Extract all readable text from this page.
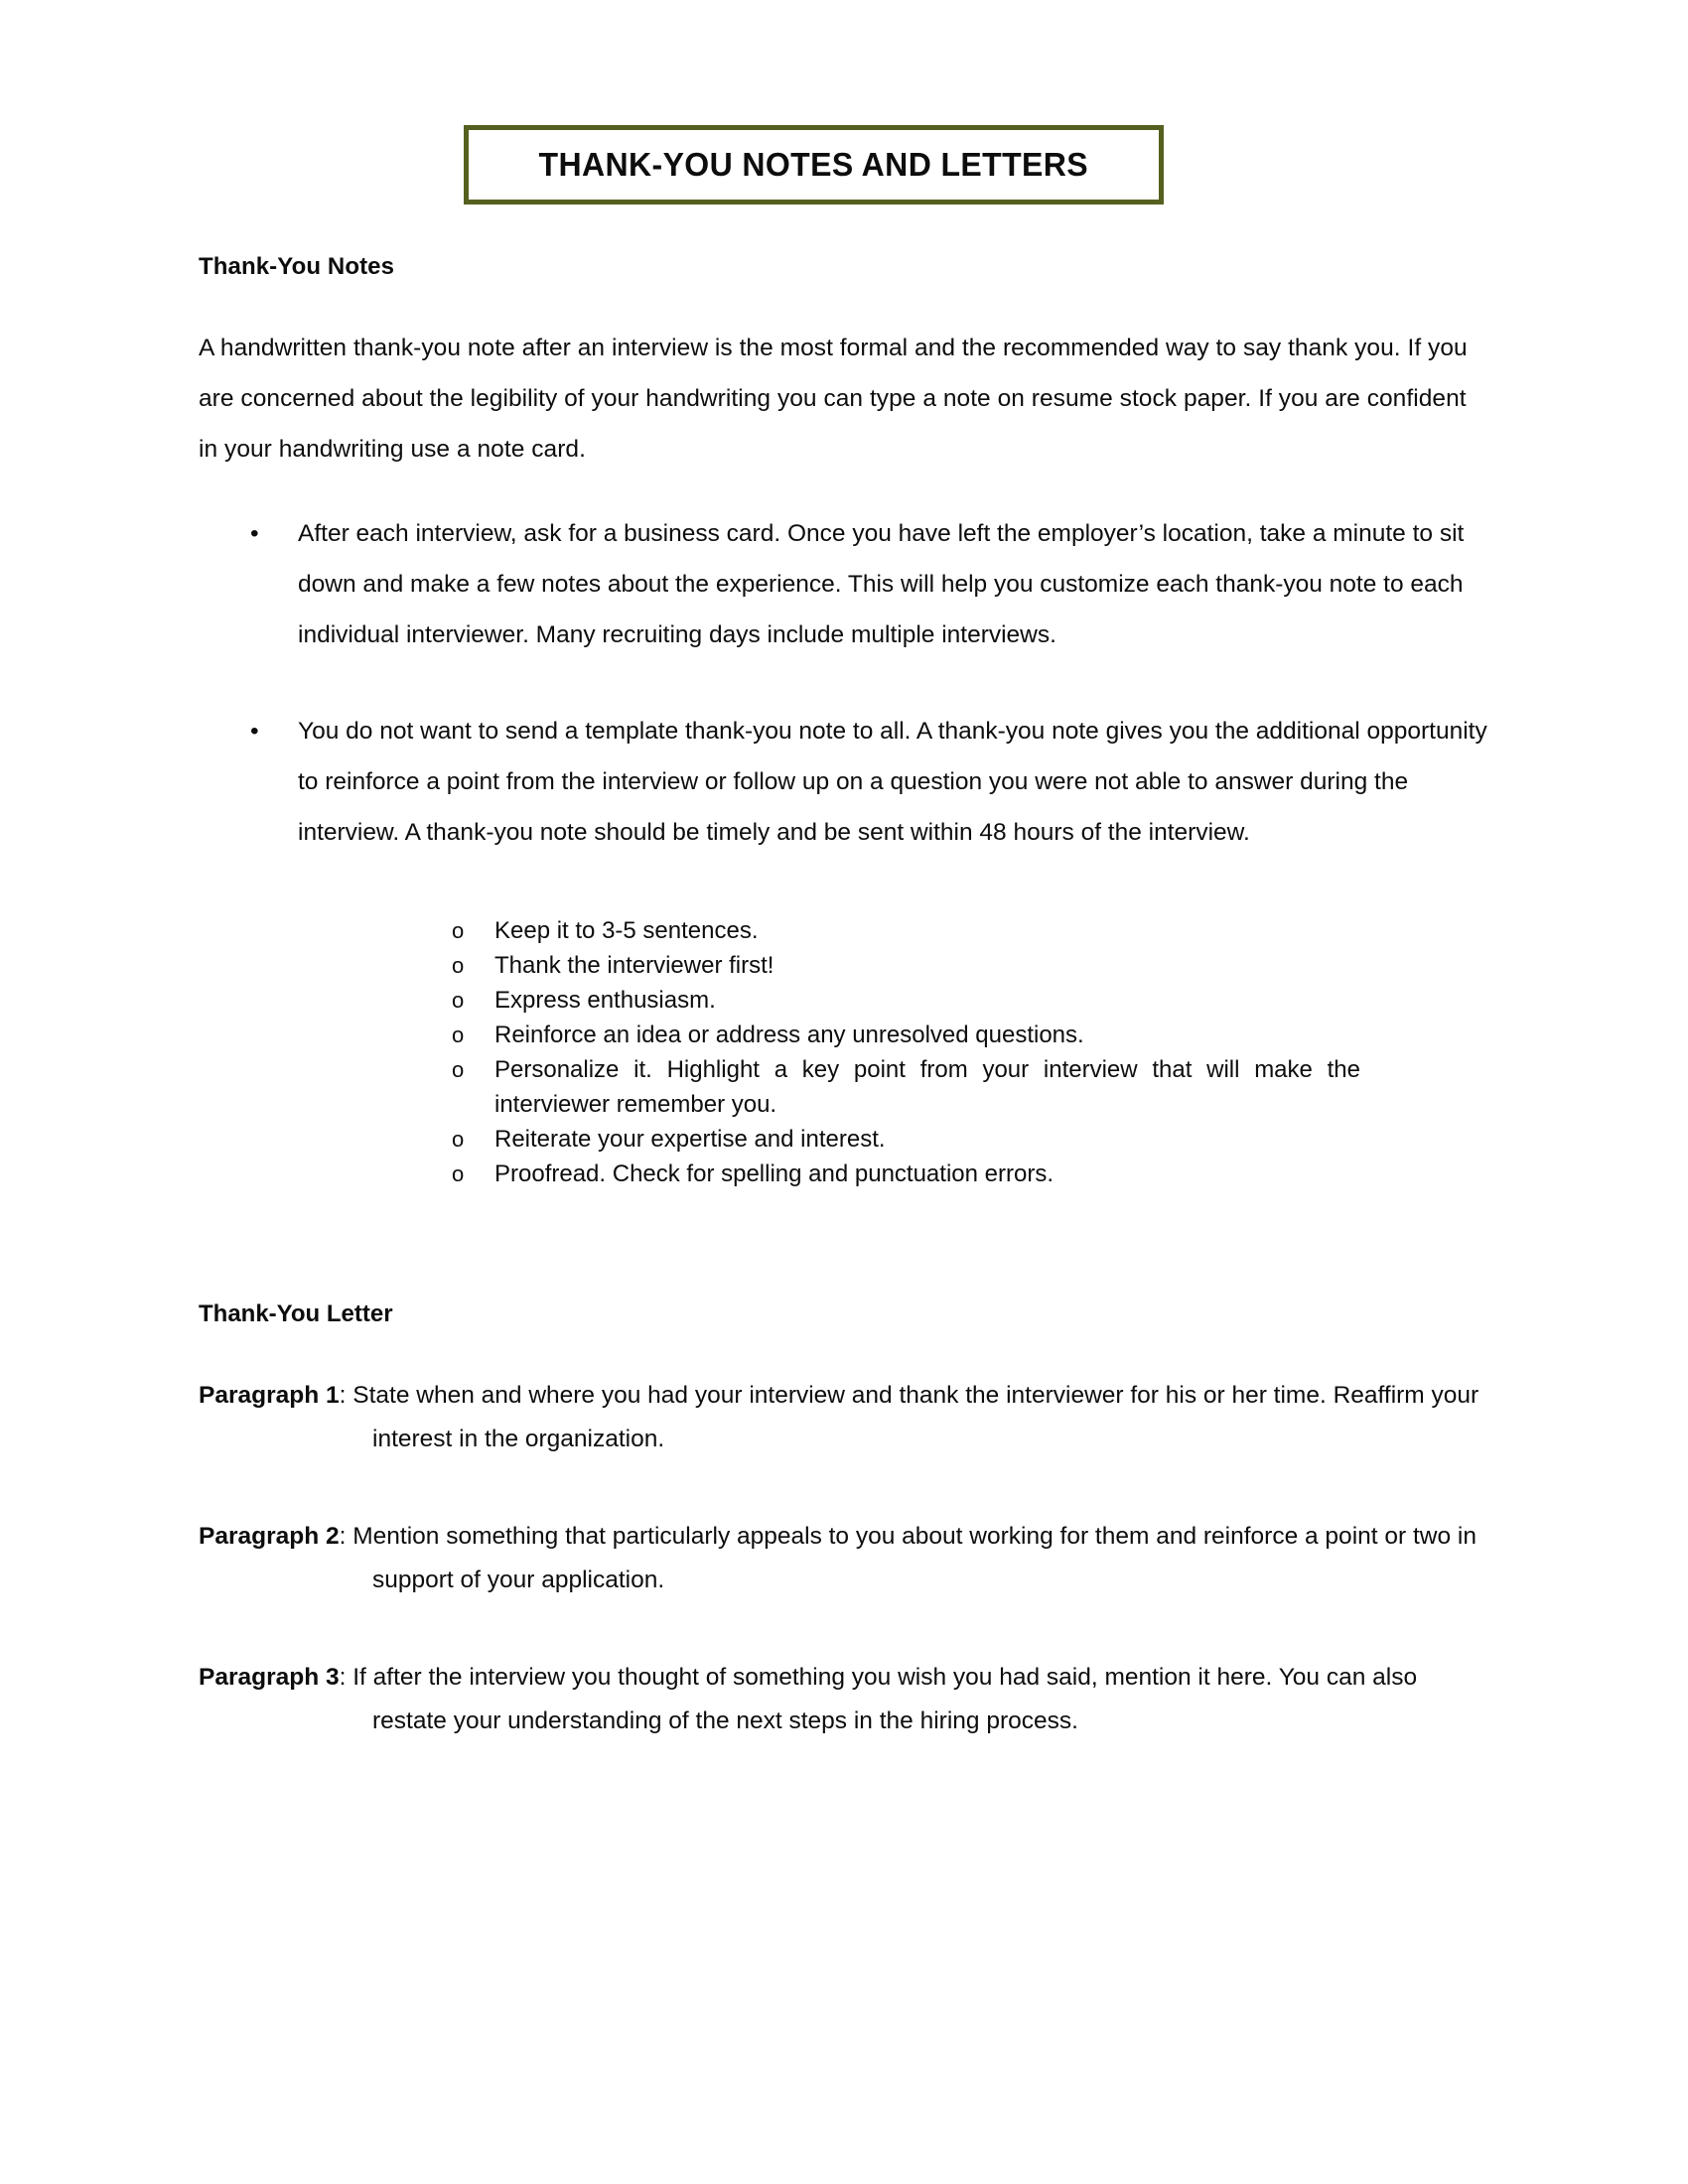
THANK-YOU NOTES AND LETTERS
Thank-You Notes

A handwritten thank-you note after an interview is the most formal and the recommended way to say thank you. If you are concerned about the legibility of your handwriting you can type a note on resume stock paper. If you are confident in your handwriting use a note card.

• After each interview, ask for a business card. Once you have left the employer’s location, take a minute to sit down and make a few notes about the experience. This will help you customize each thank-you note to each individual interviewer. Many recruiting days include multiple interviews.
• You do not want to send a template thank-you note to all. A thank-you note gives you the additional opportunity to reinforce a point from the interview or follow up on a question you were not able to answer during the interview. A thank-you note should be timely and be sent within 48 hours of the interview.
o Keep it to 3-5 sentences.
o Thank the interviewer first!
o Express enthusiasm.
o Reinforce an idea or address any unresolved questions.
o Personalize it. Highlight a key point from your interview that will make the interviewer remember you.
o Reiterate your expertise and interest.
o Proofread. Check for spelling and punctuation errors.
Thank-You Letter
Paragraph 1: State when and where you had your interview and thank the interviewer for his or her time. Reaffirm your interest in the organization.
Paragraph 2: Mention something that particularly appeals to you about working for them and reinforce a point or two in support of your application.
Paragraph 3: If after the interview you thought of something you wish you had said, mention it here. You can also restate your understanding of the next steps in the hiring process.
